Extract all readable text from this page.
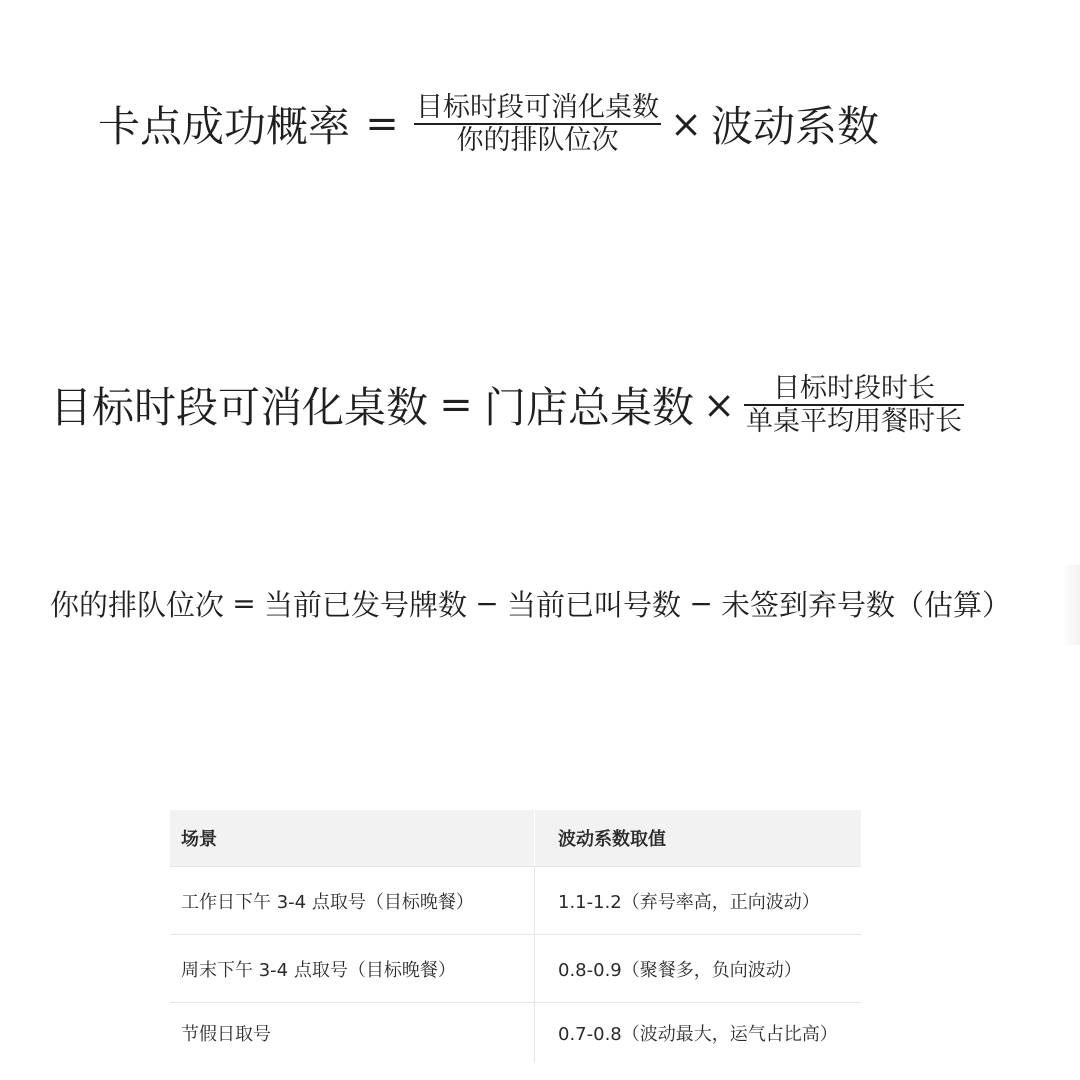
卡点成功概率 = $\frac{\text{目标时段可消化桌数}}{\text{你的排队位次}}$ × 波动系数
目标时段可消化桌数 = 门店总桌数 × $\frac{\text{目标时段时长}}{\text{单桌平均用餐时长}}$
你的排队位次 = 当前已发号牌数 − 当前已叫号数 − 未签到弃号数（估算）
场景	波动系数取值
工作日下午 3-4 点取号（目标晚餐）	1.1-1.2（弃号率高，正向波动）
周末下午 3-4 点取号（目标晚餐）	0.8-0.9（聚餐多，负向波动）
节假日取号	0.7-0.8（波动最大，运气占比高）
